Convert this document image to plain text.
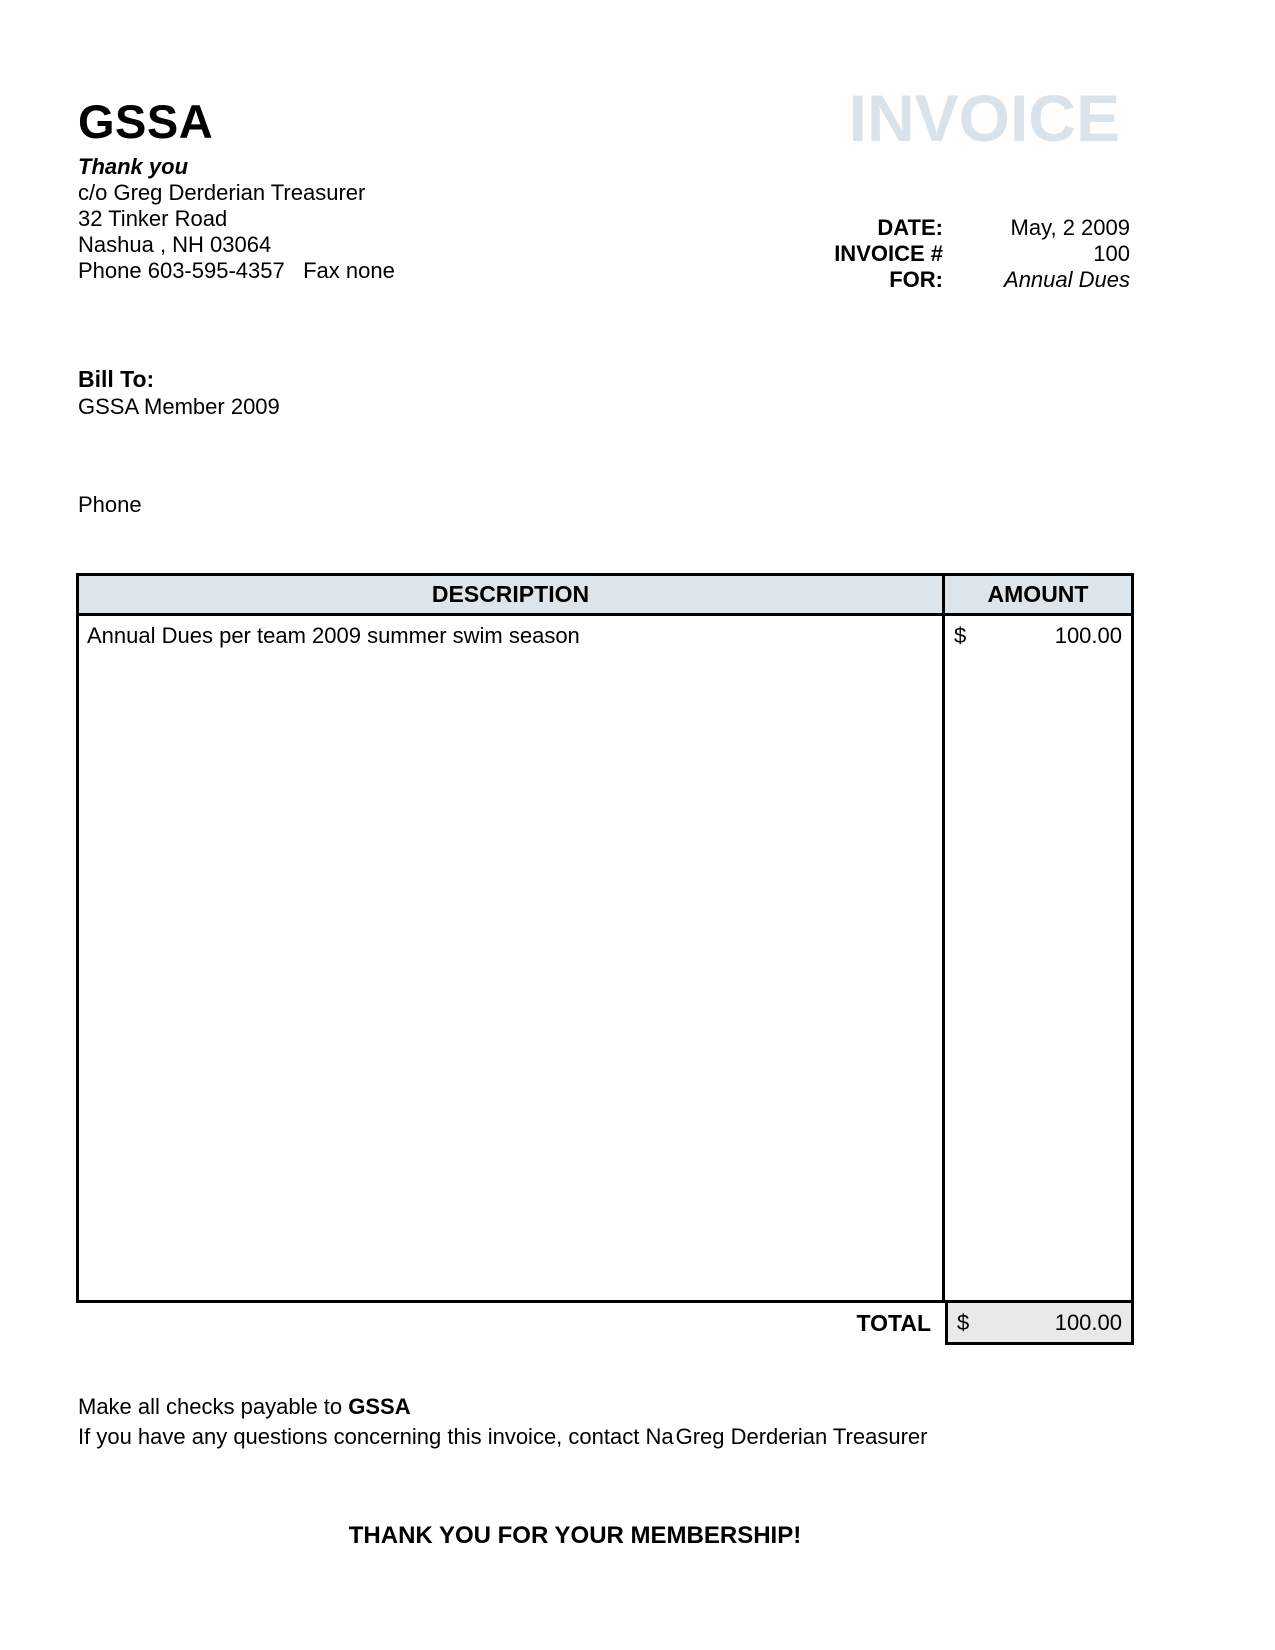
GSSA	INVOICE
Thank you
c/o Greg Derderian Treasurer
32 Tinker Road
Nashua , NH 03064
Phone 603-595-4357   Fax none
DATE:	May, 2 2009
INVOICE #	100
FOR:	Annual Dues
Bill To:
GSSA Member 2009
Phone
DESCRIPTION	AMOUNT
Annual Dues per team 2009 summer swim season	$	100.00
TOTAL $	100.00
Make all checks payable to GSSA
If you have any questions concerning this invoice, contact NaGreg Derderian Treasurer
THANK YOU FOR YOUR MEMBERSHIP!
